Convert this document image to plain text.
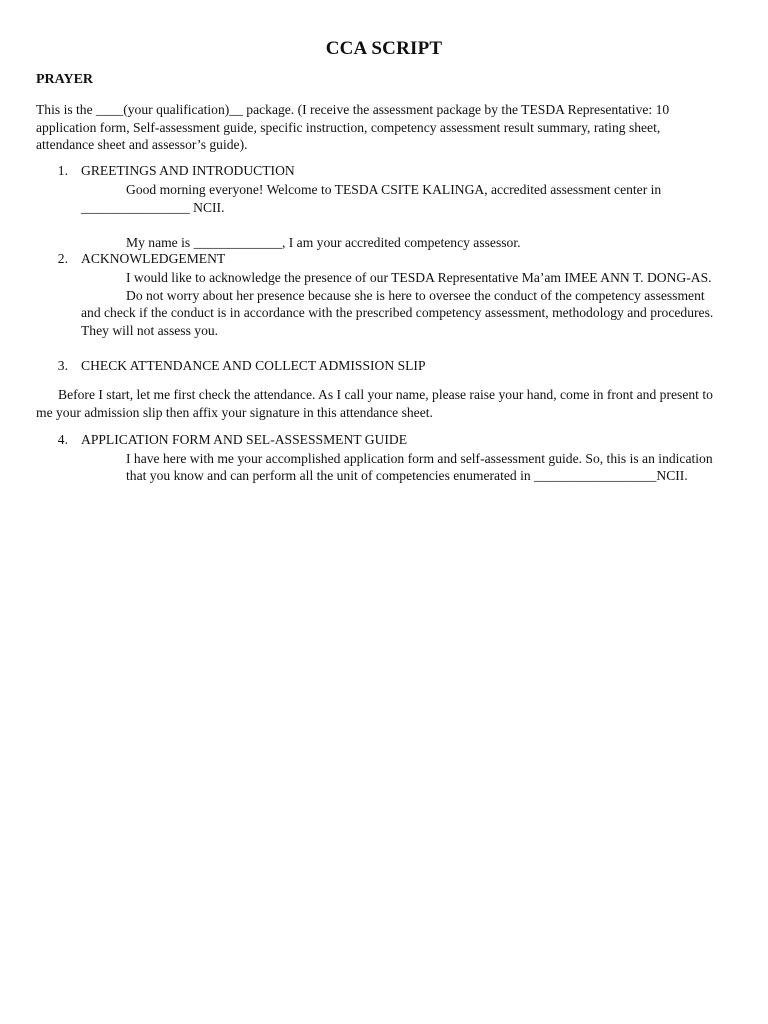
CCA SCRIPT
PRAYER
This is the ____(your qualification)__ package. (I receive the assessment package by the TESDA Representative: 10
application form, Self-assessment guide, specific instruction, competency assessment result summary, rating sheet,
attendance sheet and assessor’s guide).
1. GREETINGS AND INTRODUCTION
Good morning everyone! Welcome to TESDA CSITE KALINGA, accredited assessment center in
________________ NCII.
My name is _____________, I am your accredited competency assessor.
2. ACKNOWLEDGEMENT
I would like to acknowledge the presence of our TESDA Representative Ma’am IMEE ANN T. DONG-AS.
Do not worry about her presence because she is here to oversee the conduct of the competency assessment
and check if the conduct is in accordance with the prescribed competency assessment, methodology and procedures.
They will not assess you.
3. CHECK ATTENDANCE AND COLLECT ADMISSION SLIP
Before I start, let me first check the attendance. As I call your name, please raise your hand, come in front and present to
me your admission slip then affix your signature in this attendance sheet.
4. APPLICATION FORM AND SEL-ASSESSMENT GUIDE
I have here with me your accomplished application form and self-assessment guide. So, this is an indication
that you know and can perform all the unit of competencies enumerated in __________________NCII.
